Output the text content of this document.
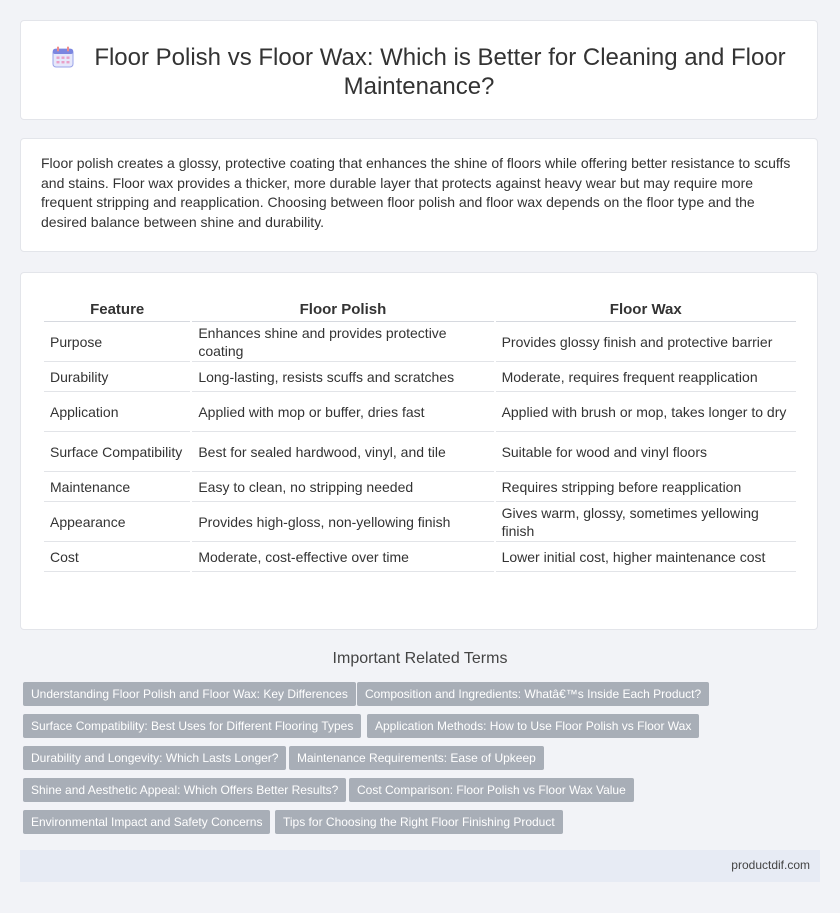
Floor Polish vs Floor Wax: Which is Better for Cleaning and Floor Maintenance?

Floor polish creates a glossy, protective coating that enhances the shine of floors while offering better resistance to scuffs and stains. Floor wax provides a thicker, more durable layer that protects against heavy wear but may require more frequent stripping and reapplication. Choosing between floor polish and floor wax depends on the floor type and the desired balance between shine and durability.

Feature	Floor Polish	Floor Wax
Purpose	Enhances shine and provides protective coating	Provides glossy finish and protective barrier
Durability	Long-lasting, resists scuffs and scratches	Moderate, requires frequent reapplication
Application	Applied with mop or buffer, dries fast	Applied with brush or mop, takes longer to dry
Surface Compatibility	Best for sealed hardwood, vinyl, and tile	Suitable for wood and vinyl floors
Maintenance	Easy to clean, no stripping needed	Requires stripping before reapplication
Appearance	Provides high-gloss, non-yellowing finish	Gives warm, glossy, sometimes yellowing finish
Cost	Moderate, cost-effective over time	Lower initial cost, higher maintenance cost
Important Related Terms
Understanding Floor Polish and Floor Wax: Key Differences	Composition and Ingredients: Whatâ€™s Inside Each Product?
Surface Compatibility: Best Uses for Different Flooring Types	Application Methods: How to Use Floor Polish vs Floor Wax
Durability and Longevity: Which Lasts Longer?	Maintenance Requirements: Ease of Upkeep
Shine and Aesthetic Appeal: Which Offers Better Results?	Cost Comparison: Floor Polish vs Floor Wax Value
Environmental Impact and Safety Concerns	Tips for Choosing the Right Floor Finishing Product
productdif.com
